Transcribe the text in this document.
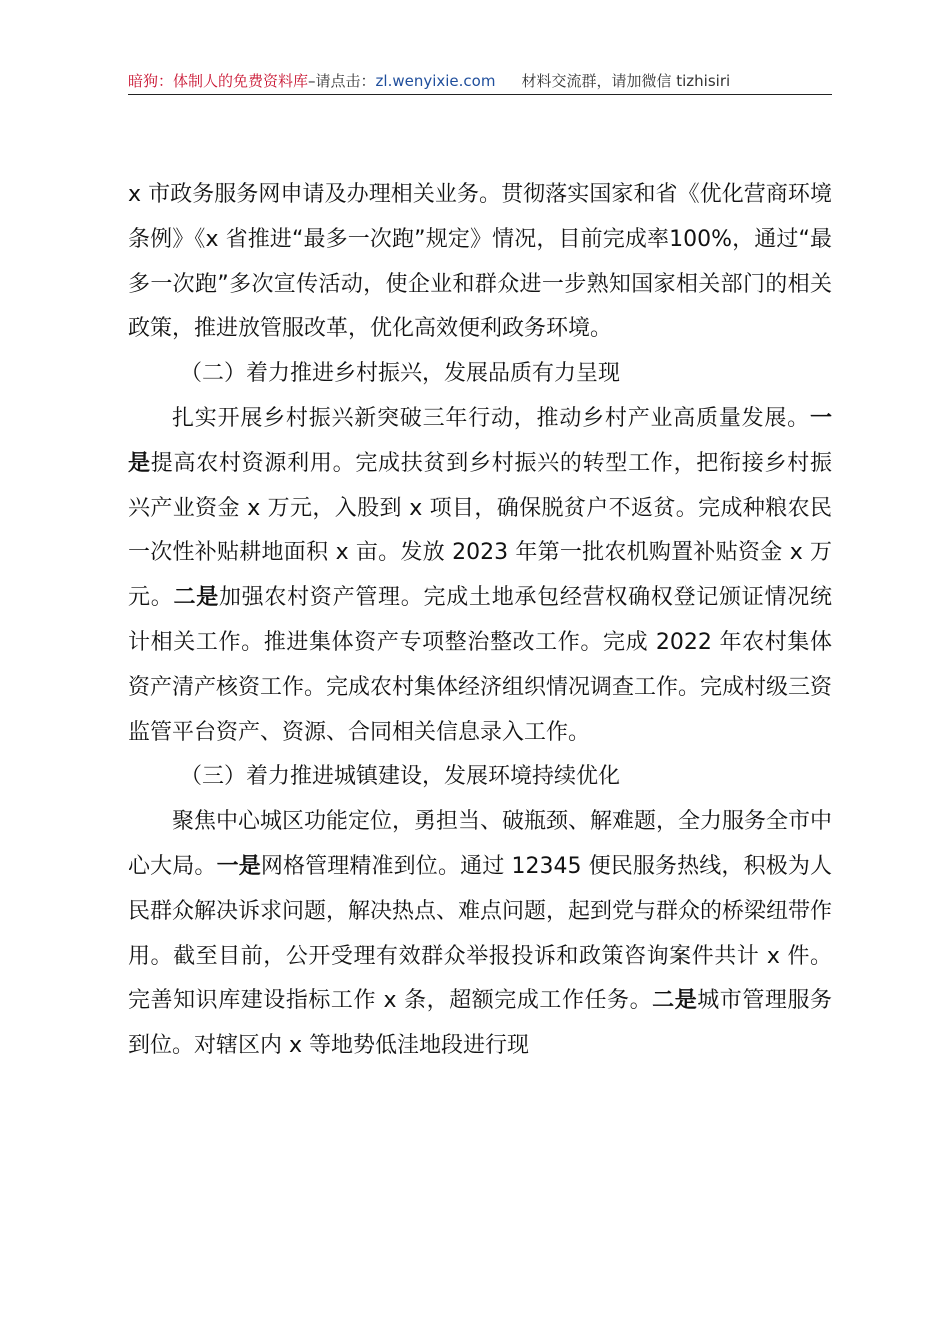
暗狗：体制人的免费资料库–请点击：zl.wenyixie.com 材料交流群，请加微信 tizhisiri

x 市政务服务网申请及办理相关业务。贯彻落实国家和省《优化营商环境条例》《x 省推进“最多一次跑”规定》情况，目前完成率100%，通过“最多一次跑”多次宣传活动，使企业和群众进一步熟知国家相关部门的相关政策，推进放管服改革，优化高效便利政务环境。

（二）着力推进乡村振兴，发展品质有力呈现

扎实开展乡村振兴新突破三年行动，推动乡村产业高质量发展。一是提高农村资源利用。完成扶贫到乡村振兴的转型工作，把衔接乡村振兴产业资金 x 万元，入股到 x 项目，确保脱贫户不返贫。完成种粮农民一次性补贴耕地面积 x 亩。发放 2023 年第一批农机购置补贴资金 x 万元。二是加强农村资产管理。完成土地承包经营权确权登记颁证情况统计相关工作。推进集体资产专项整治整改工作。完成 2022 年农村集体资产清产核资工作。完成农村集体经济组织情况调查工作。完成村级三资监管平台资产、资源、合同相关信息录入工作。

（三）着力推进城镇建设，发展环境持续优化

聚焦中心城区功能定位，勇担当、破瓶颈、解难题，全力服务全市中心大局。一是网格管理精准到位。通过 12345 便民服务热线，积极为人民群众解决诉求问题，解决热点、难点问题，起到党与群众的桥梁纽带作用。截至目前，公开受理有效群众举报投诉和政策咨询案件共计 x 件。完善知识库建设指标工作 x 条，超额完成工作任务。二是城市管理服务到位。对辖区内 x 等地势低洼地段进行现
